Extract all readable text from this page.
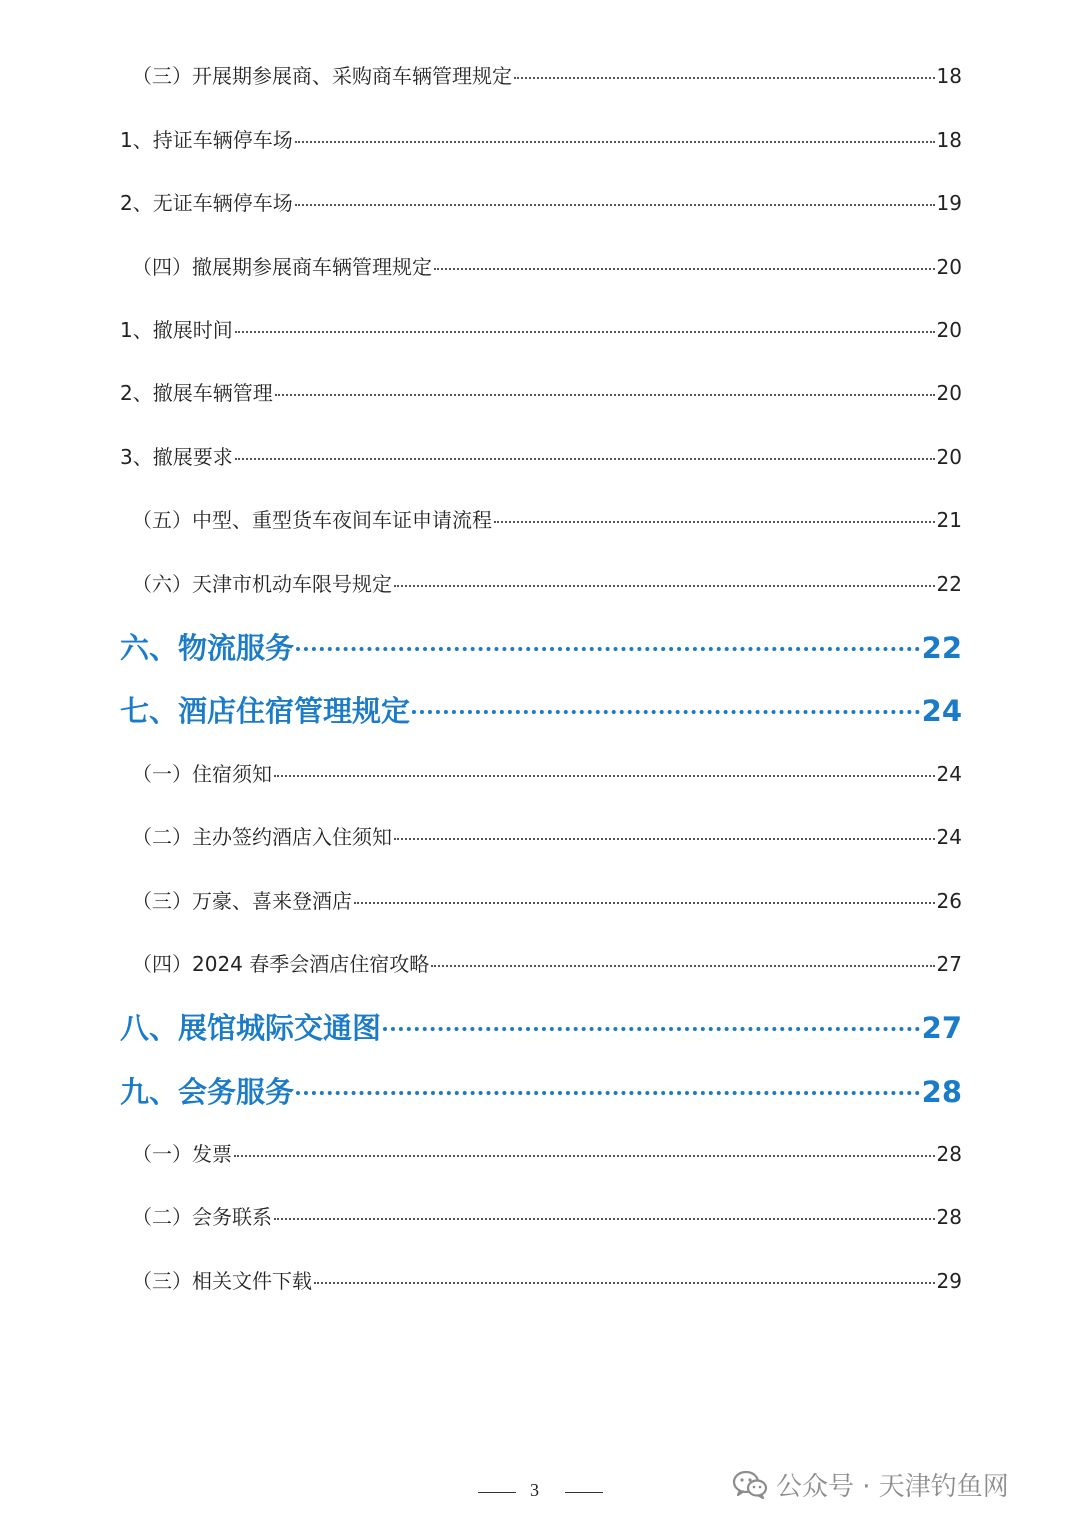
（三）开展期参展商、采购商车辆管理规定	18
1、持证车辆停车场	18
2、无证车辆停车场	19
（四）撤展期参展商车辆管理规定	20
1、撤展时间	20
2、撤展车辆管理	20
3、撤展要求	20
（五）中型、重型货车夜间车证申请流程	21
（六）天津市机动车限号规定	22
六、物流服务	22
七、酒店住宿管理规定	24
（一）住宿须知	24
（二）主办签约酒店入住须知	24
（三）万豪、喜来登酒店	26
（四）2024 春季会酒店住宿攻略	27
八、展馆城际交通图	27
九、会务服务	28
（一）发票	28
（二）会务联系	28
（三）相关文件下载	29
3	公众号 · 天津钓鱼网
